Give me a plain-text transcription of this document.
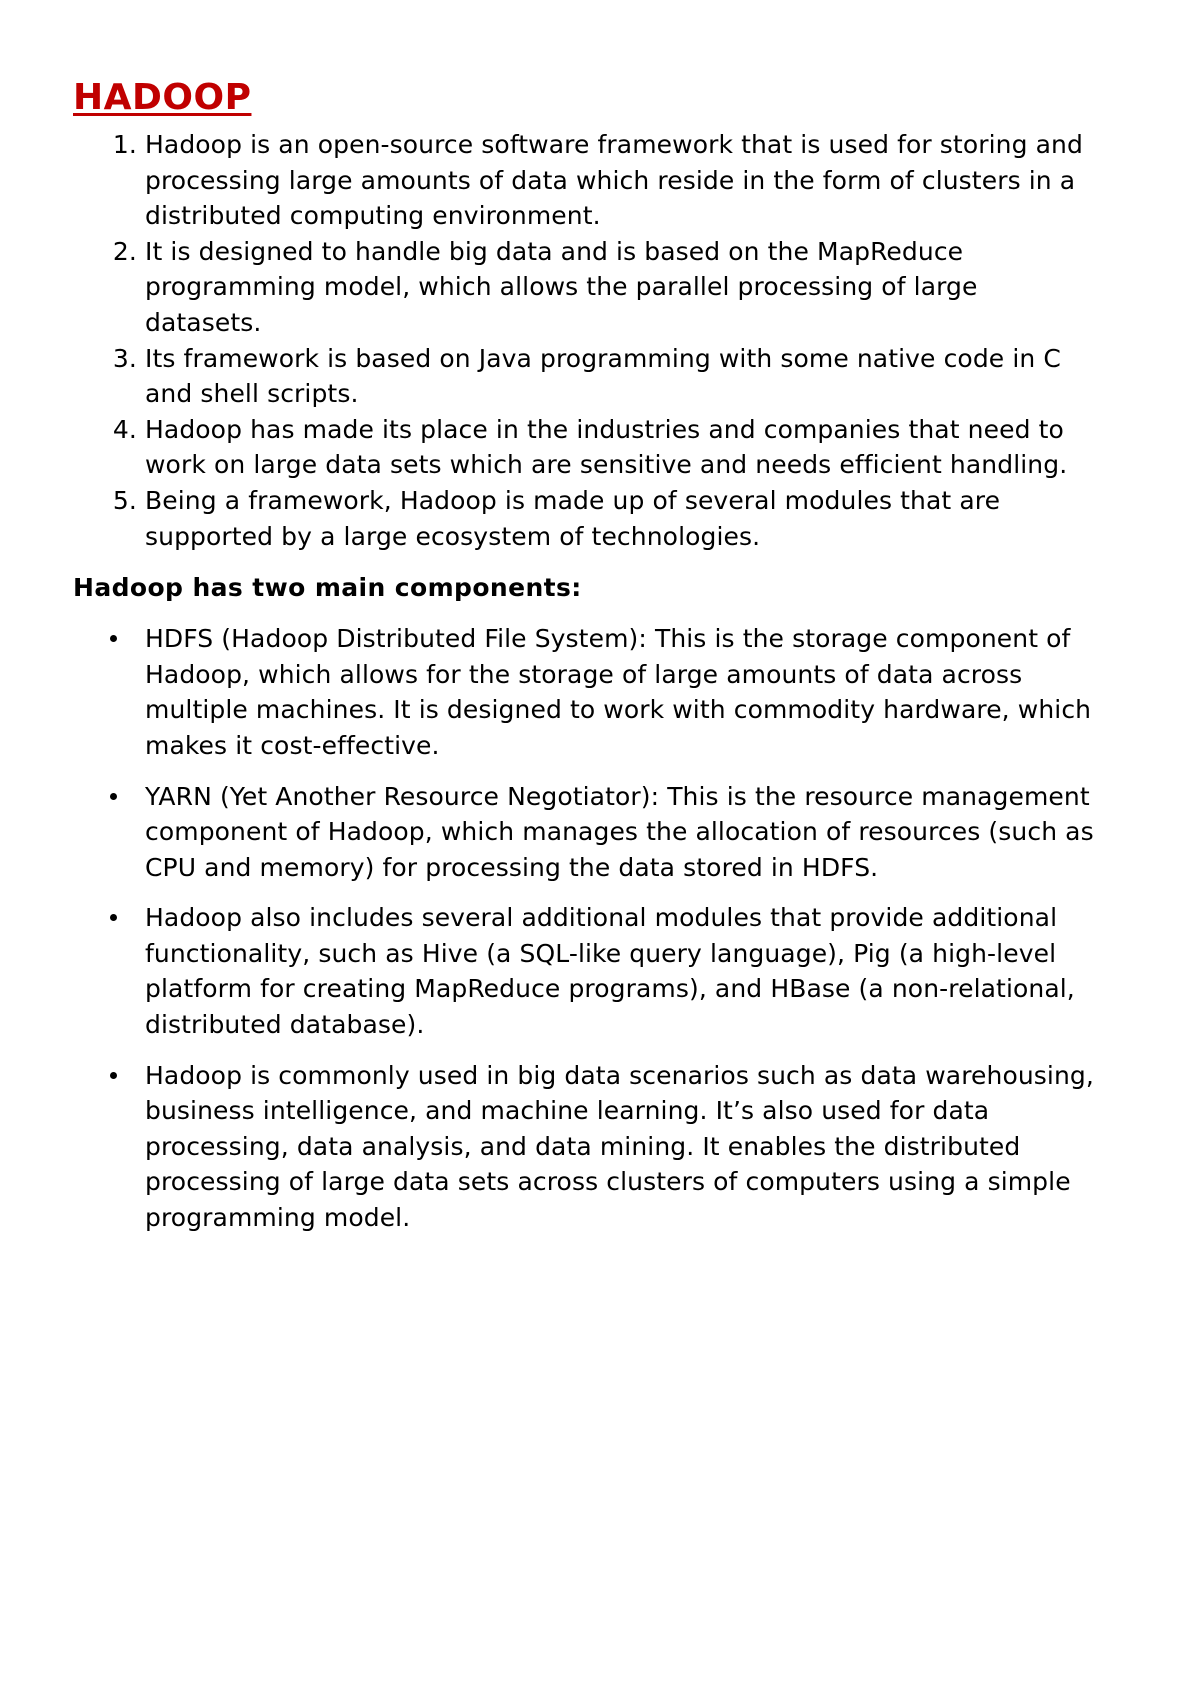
HADOOP
1. Hadoop is an open-source software framework that is used for storing and processing large amounts of data which reside in the form of clusters in a distributed computing environment.
2. It is designed to handle big data and is based on the MapReduce programming model, which allows the parallel processing of large datasets.
3. Its framework is based on Java programming with some native code in C and shell scripts.
4. Hadoop has made its place in the industries and companies that need to work on large data sets which are sensitive and needs efficient handling.
5. Being a framework, Hadoop is made up of several modules that are supported by a large ecosystem of technologies.
Hadoop has two main components:
HDFS (Hadoop Distributed File System): This is the storage component of Hadoop, which allows for the storage of large amounts of data across multiple machines. It is designed to work with commodity hardware, which makes it cost-effective.
YARN (Yet Another Resource Negotiator): This is the resource management component of Hadoop, which manages the allocation of resources (such as CPU and memory) for processing the data stored in HDFS.
Hadoop also includes several additional modules that provide additional functionality, such as Hive (a SQL-like query language), Pig (a high-level platform for creating MapReduce programs), and HBase (a non-relational, distributed database).
Hadoop is commonly used in big data scenarios such as data warehousing, business intelligence, and machine learning. It’s also used for data processing, data analysis, and data mining. It enables the distributed processing of large data sets across clusters of computers using a simple programming model.
